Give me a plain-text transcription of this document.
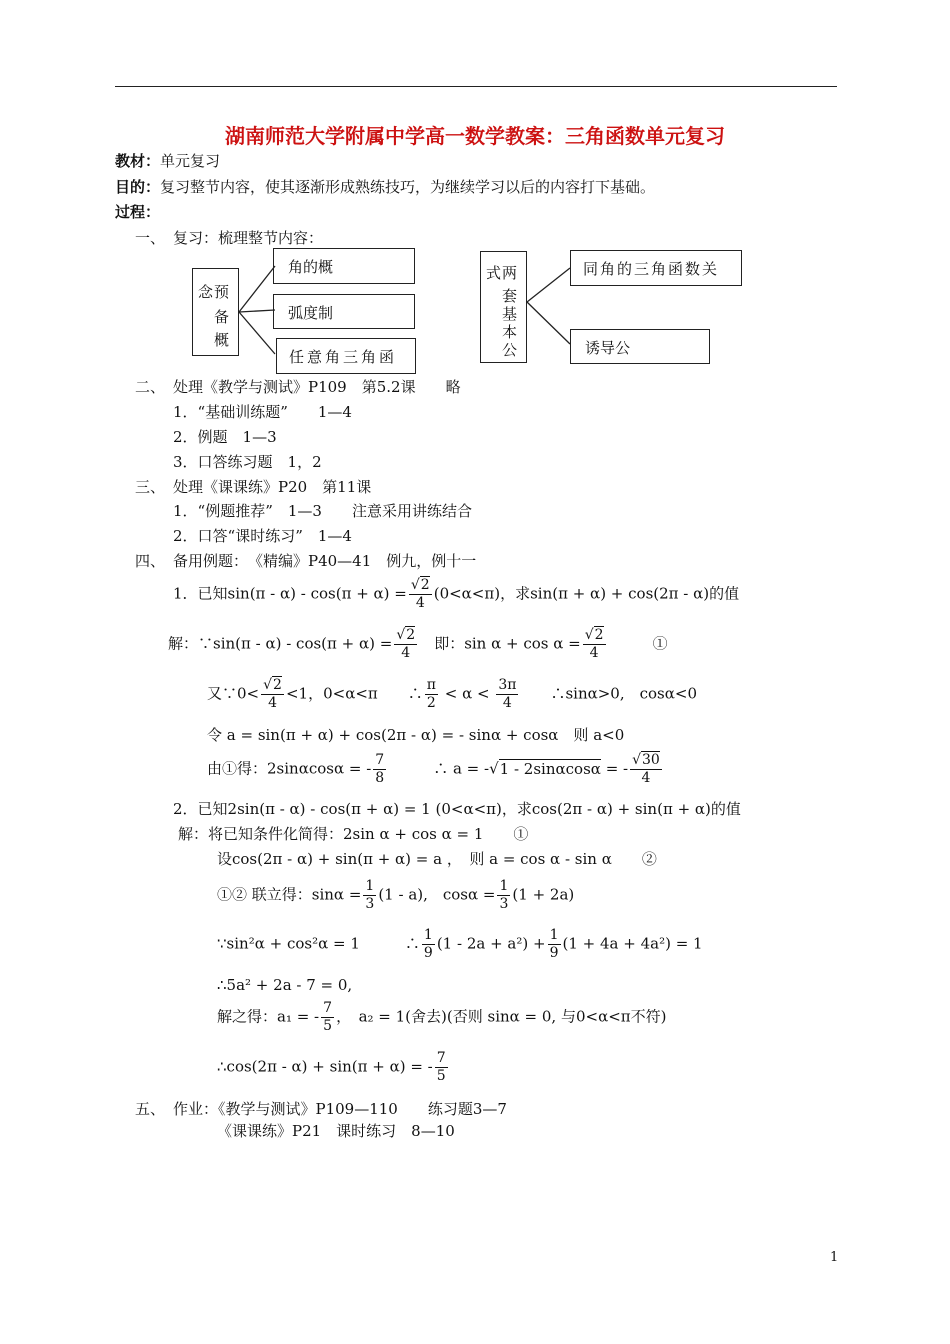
湖南师范大学附属中学高一数学教案：三角函数单元复习
教材：单元复习
目的：复习整节内容，使其逐渐形成熟练技巧，为继续学习以后的内容打下基础。
过程：
一、 复习：梳理整节内容：
念 预
备
概
角的概
弧度制
任意角三角函
两
式
套
基
本
公
同角的三角函数关
诱导公
二、 处理《教学与测试》P109　第5.2课　　略
1．“基础训练题”　　1—4
2．例题　1—3
3．口答练习题　1，2
三、 处理《课课练》P20　第11课
1．“例题推荐”　1—3　　注意采用讲练结合
2．口答“课时练习”　1—4
四、 备用例题：　《精编》P40—41　例九，例十一
1．已知$\sin(\pi - \alpha) - \cos(\pi + \alpha) = \frac{√2}{4} (0<\alpha<\pi)$，求sin(π + α) + cos(2π - α)的值
解：∵sin(π - $\alpha) - \cos(\pi + \alpha) = \frac{√2}{4}$
　 即：$\sin \alpha + \cos \alpha = \frac{√2}{4}$
　　　	①
又∵0< $\frac{√2}{4} <1$，0<α<π　　 ∴ $\frac{\pi}{2} < \alpha < \frac{3\pi}{4}$
　　 ∴sinα>0,　cosα<0
令 a = sin(π + α) + cos(2π - α) = - sinα + cosα　则 a<0
由①得：2sinαcosα = - $\frac{7}{8}$
　　　	∴ a = -√1 - 2sinαcosα = - $\frac{√30}{4}$
2．已知2sin(π - α) - cos(π + α) = 1 (0<α<π)，求cos(2π - α) + sin(π + α)的值
解：将已知条件化简得：2sin α + cos α = 1　　①
设cos(2π - α) + sin(π + α) = a ，　则 a = cos α - sin α　　②
①② 联立得：$\sin\alpha = \frac{1}{3} (1 - a)$,　$\cos\alpha = \frac{1}{3} (1 + 2a)$
∵sin²α + cos²α = 1　　　	∴ $\frac{1}{9} (1 - 2a + a^2) + \frac{1}{9} (1 + 4a + 4a^2) = 1$
∴5a² + 2a - 7 = 0,
解之得：a₁ = - $\frac{7}{5}$ ，　a₂ = 1(舍去)(否则 sinα = 0, 与0<α<π不符)
∴cos(2π - α) + sin(π + α) = - $\frac{7}{5}$
五、 作业：《教学与测试》P109—110　　练习题3—7
《课课练》P21　课时练习　8—10
1
